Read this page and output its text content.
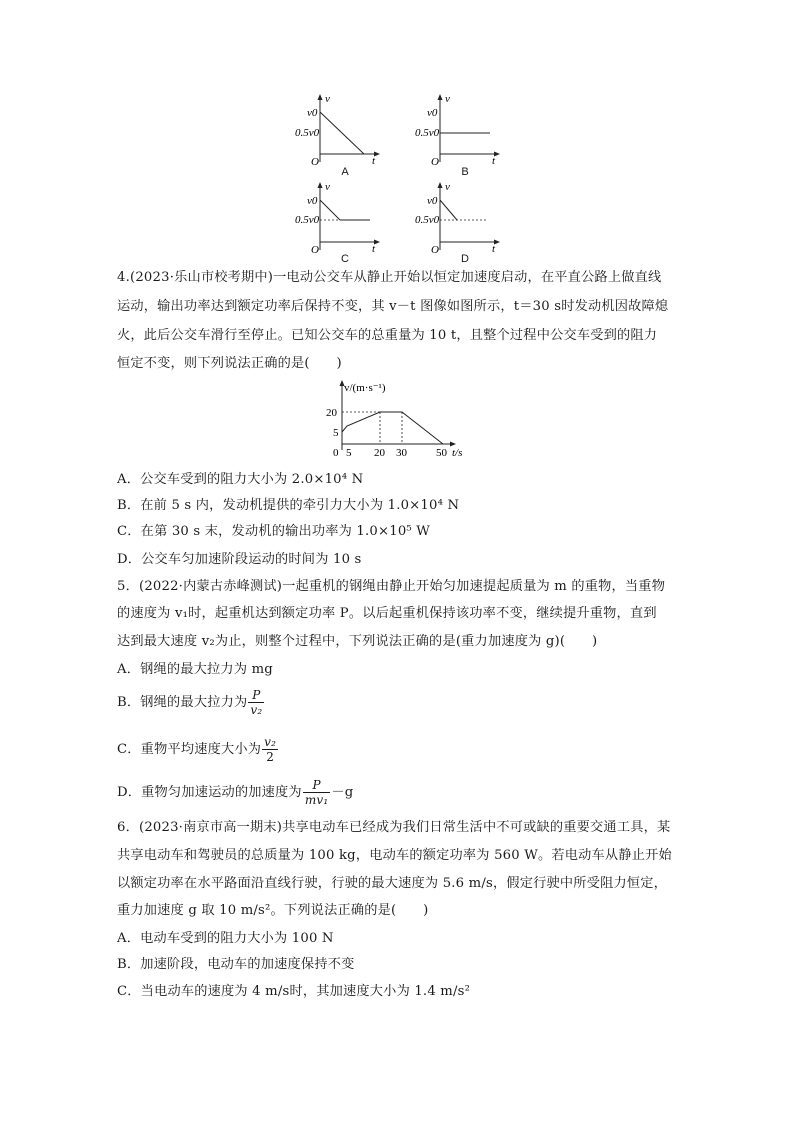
v
v0
0.5v0
O	t
A
v
v0
0.5v0
O	t
B
v
v0
0.5v0
O	t
C
v
v0
0.5v0
O	t
D
4.(2023·乐山市校考期中)一电动公交车从静止开始以恒定加速度启动，在平直公路上做直线
运动，输出功率达到额定功率后保持不变，其 v－t 图像如图所示，t＝30 s时发动机因故障熄
火，此后公交车滑行至停止。已知公交车的总重量为 10 t，且整个过程中公交车受到的阻力
恒定不变，则下列说法正确的是(　　)
v/(m·s⁻¹)
20
5
0 5 20 30	50 t/s
A．公交车受到的阻力大小为 2.0×10⁴ N
B．在前 5 s 内，发动机提供的牵引力大小为 1.0×10⁴ N
C．在第 30 s 末，发动机的输出功率为 1.0×10⁵ W
D．公交车匀加速阶段运动的时间为 10 s
5．(2022·内蒙古赤峰测试)一起重机的钢绳由静止开始匀加速提起质量为 m 的重物，当重物
的速度为 v₁时，起重机达到额定功率 P。以后起重机保持该功率不变，继续提升重物，直到
达到最大速度 v₂为止，则整个过程中，下列说法正确的是(重力加速度为 g)(　　)
A．钢绳的最大拉力为 mg
B．钢绳的最大拉力为 $\frac{P}{\text{v₂}}$
C．重物平均速度大小为 $\frac{\text{v₂}}{2}$
D．重物匀加速运动的加速度为 $\frac{P}{\text{mv₁}} -g$
6．(2023·南京市高一期末)共享电动车已经成为我们日常生活中不可或缺的重要交通工具，某
共享电动车和驾驶员的总质量为 100 kg，电动车的额定功率为 560 W。若电动车从静止开始
以额定功率在水平路面沿直线行驶，行驶的最大速度为 5.6 m/s，假定行驶中所受阻力恒定，
重力加速度 g 取 10 m/s²。下列说法正确的是(　　)
A．电动车受到的阻力大小为 100 N
B．加速阶段，电动车的加速度保持不变
C．当电动车的速度为 4 m/s时，其加速度大小为 1.4 m/s²
